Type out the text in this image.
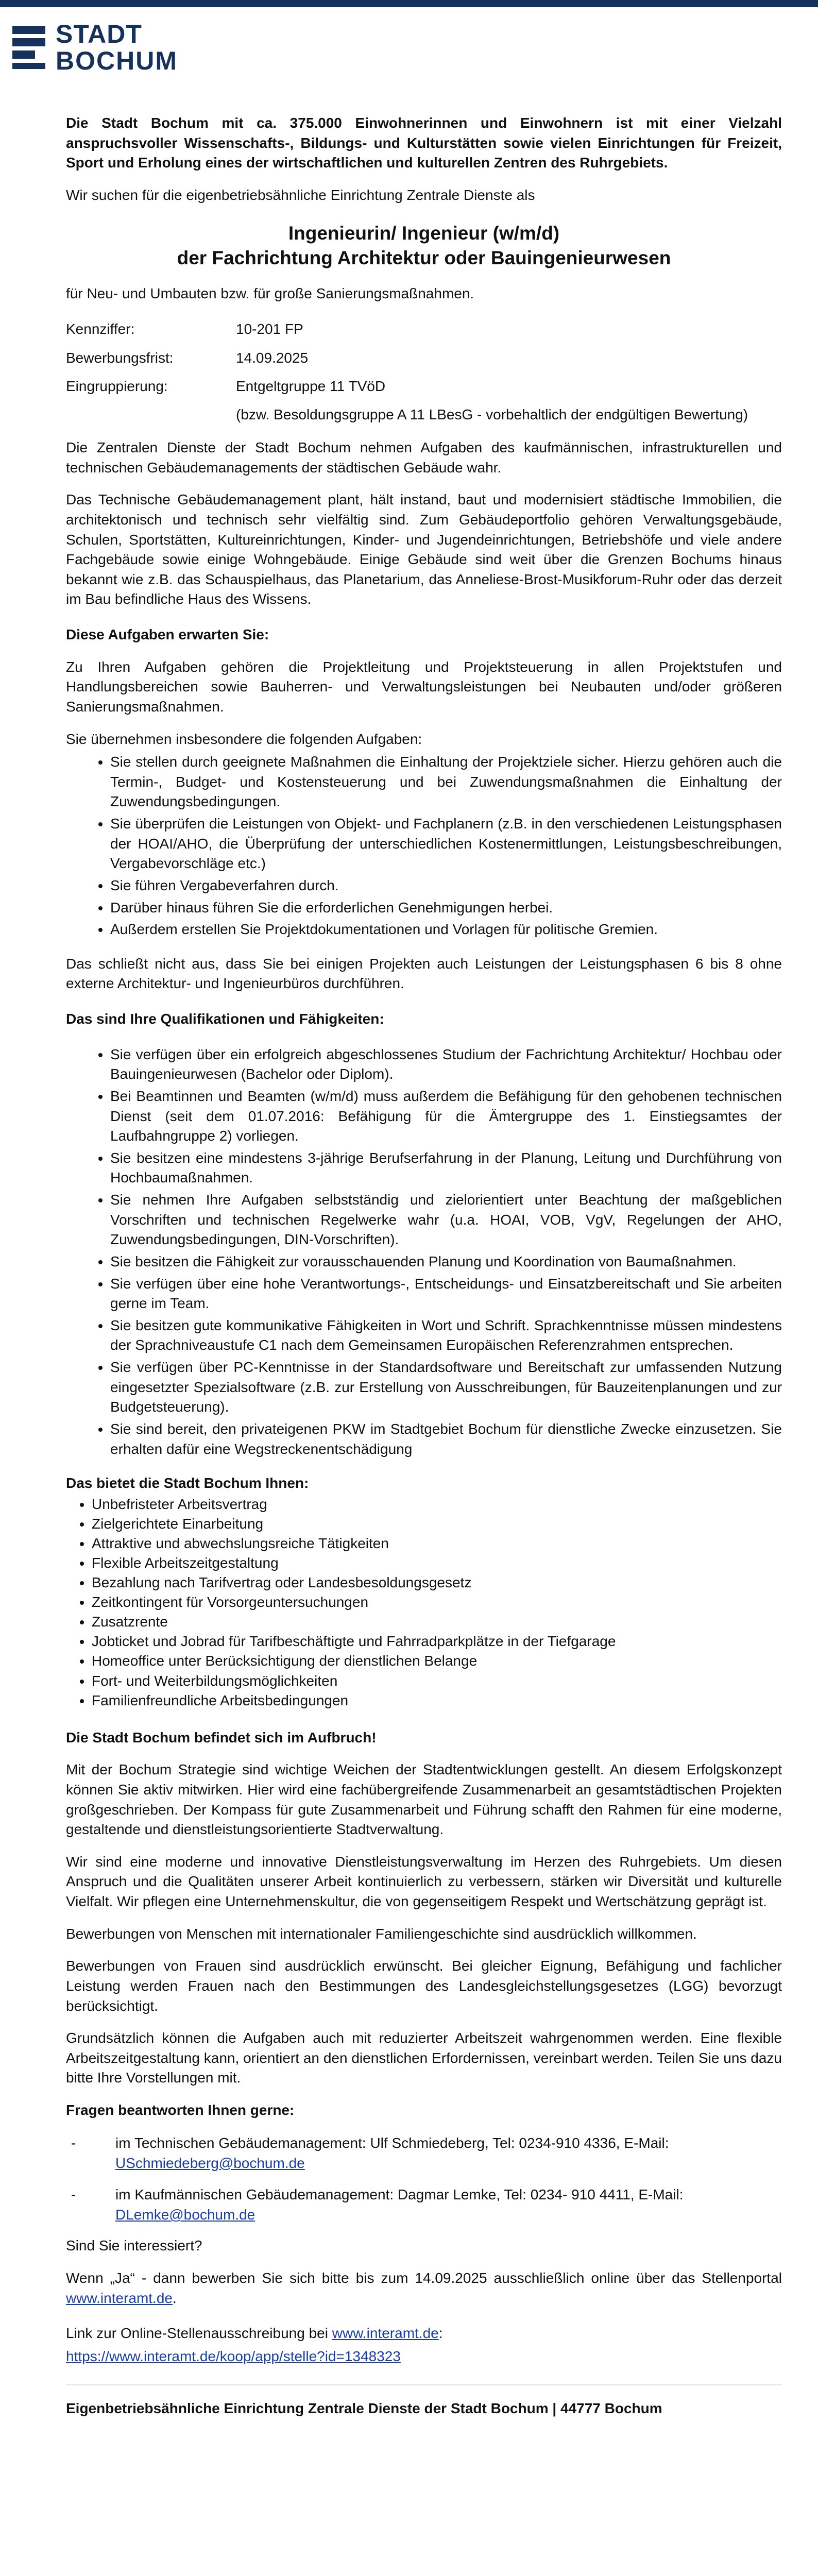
STADT
BOCHUM

Die Stadt Bochum mit ca. 375.000 Einwohnerinnen und Einwohnern ist mit einer Vielzahl anspruchsvoller Wissenschafts-, Bildungs- und Kulturstätten sowie vielen Einrichtungen für Freizeit, Sport und Erholung eines der wirtschaftlichen und kulturellen Zentren des Ruhrgebiets.

Wir suchen für die eigenbetriebsähnliche Einrichtung Zentrale Dienste als

Ingenieurin/ Ingenieur (w/m/d)
der Fachrichtung Architektur oder Bauingenieurwesen

für Neu- und Umbauten bzw. für große Sanierungsmaßnahmen.

Kennziffer:	10-201 FP
Bewerbungsfrist:	14.09.2025
Eingruppierung:	Entgeltgruppe 11 TVöD
(bzw. Besoldungsgruppe A 11 LBesG - vorbehaltlich der endgültigen Bewertung)

Die Zentralen Dienste der Stadt Bochum nehmen Aufgaben des kaufmännischen, infrastrukturellen und technischen Gebäudemanagements der städtischen Gebäude wahr.

Das Technische Gebäudemanagement plant, hält instand, baut und modernisiert städtische Immobilien, die architektonisch und technisch sehr vielfältig sind. Zum Gebäudeportfolio gehören Verwaltungsgebäude, Schulen, Sportstätten, Kultureinrichtungen, Kinder- und Jugendeinrichtungen, Betriebshöfe und viele andere Fachgebäude sowie einige Wohngebäude. Einige Gebäude sind weit über die Grenzen Bochums hinaus bekannt wie z.B. das Schauspielhaus, das Planetarium, das Anneliese-Brost-Musikforum-Ruhr oder das derzeit im Bau befindliche Haus des Wissens.

Diese Aufgaben erwarten Sie:

Zu Ihren Aufgaben gehören die Projektleitung und Projektsteuerung in allen Projektstufen und Handlungsbereichen sowie Bauherren- und Verwaltungsleistungen bei Neubauten und/oder größeren Sanierungsmaßnahmen.

Sie übernehmen insbesondere die folgenden Aufgaben:

• Sie stellen durch geeignete Maßnahmen die Einhaltung der Projektziele sicher. Hierzu gehören auch die Termin-, Budget- und Kostensteuerung und bei Zuwendungsmaßnahmen die Einhaltung der Zuwendungsbedingungen.
• Sie überprüfen die Leistungen von Objekt- und Fachplanern (z.B. in den verschiedenen Leistungsphasen der HOAI/AHO, die Überprüfung der unterschiedlichen Kostenermittlungen, Leistungsbeschreibungen, Vergabevorschläge etc.)
• Sie führen Vergabeverfahren durch.
• Darüber hinaus führen Sie die erforderlichen Genehmigungen herbei.
• Außerdem erstellen Sie Projektdokumentationen und Vorlagen für politische Gremien.

Das schließt nicht aus, dass Sie bei einigen Projekten auch Leistungen der Leistungsphasen 6 bis 8 ohne externe Architektur- und Ingenieurbüros durchführen.

Das sind Ihre Qualifikationen und Fähigkeiten:

• Sie verfügen über ein erfolgreich abgeschlossenes Studium der Fachrichtung Architektur/ Hochbau oder Bauingenieurwesen (Bachelor oder Diplom).
• Bei Beamtinnen und Beamten (w/m/d) muss außerdem die Befähigung für den gehobenen technischen Dienst (seit dem 01.07.2016: Befähigung für die Ämtergruppe des 1. Einstiegsamtes der Laufbahngruppe 2) vorliegen.
• Sie besitzen eine mindestens 3-jährige Berufserfahrung in der Planung, Leitung und Durchführung von Hochbaumaßnahmen.
• Sie nehmen Ihre Aufgaben selbstständig und zielorientiert unter Beachtung der maßgeblichen Vorschriften und technischen Regelwerke wahr (u.a. HOAI, VOB, VgV, Regelungen der AHO, Zuwendungsbedingungen, DIN-Vorschriften).
• Sie besitzen die Fähigkeit zur vorausschauenden Planung und Koordination von Baumaßnahmen.
• Sie verfügen über eine hohe Verantwortungs-, Entscheidungs- und Einsatzbereitschaft und Sie arbeiten gerne im Team.
• Sie besitzen gute kommunikative Fähigkeiten in Wort und Schrift. Sprachkenntnisse müssen mindestens der Sprachniveaustufe C1 nach dem Gemeinsamen Europäischen Referenzrahmen entsprechen.
• Sie verfügen über PC-Kenntnisse in der Standardsoftware und Bereitschaft zur umfassenden Nutzung eingesetzter Spezialsoftware (z.B. zur Erstellung von Ausschreibungen, für Bauzeitenplanungen und zur Budgetsteuerung).
• Sie sind bereit, den privateigenen PKW im Stadtgebiet Bochum für dienstliche Zwecke einzusetzen. Sie erhalten dafür eine Wegstreckenentschädigung

Das bietet die Stadt Bochum Ihnen:

• Unbefristeter Arbeitsvertrag
• Zielgerichtete Einarbeitung
• Attraktive und abwechslungsreiche Tätigkeiten
• Flexible Arbeitszeitgestaltung
• Bezahlung nach Tarifvertrag oder Landesbesoldungsgesetz
• Zeitkontingent für Vorsorgeuntersuchungen
• Zusatzrente
• Jobticket und Jobrad für Tarifbeschäftigte und Fahrradparkplätze in der Tiefgarage
• Homeoffice unter Berücksichtigung der dienstlichen Belange
• Fort- und Weiterbildungsmöglichkeiten
• Familienfreundliche Arbeitsbedingungen

Die Stadt Bochum befindet sich im Aufbruch!

Mit der Bochum Strategie sind wichtige Weichen der Stadtentwicklungen gestellt. An diesem Erfolgskonzept können Sie aktiv mitwirken. Hier wird eine fachübergreifende Zusammenarbeit an gesamtstädtischen Projekten großgeschrieben. Der Kompass für gute Zusammenarbeit und Führung schafft den Rahmen für eine moderne, gestaltende und dienstleistungsorientierte Stadtverwaltung.

Wir sind eine moderne und innovative Dienstleistungsverwaltung im Herzen des Ruhrgebiets. Um diesen Anspruch und die Qualitäten unserer Arbeit kontinuierlich zu verbessern, stärken wir Diversität und kulturelle Vielfalt. Wir pflegen eine Unternehmenskultur, die von gegenseitigem Respekt und Wertschätzung geprägt ist.

Bewerbungen von Menschen mit internationaler Familiengeschichte sind ausdrücklich willkommen.

Bewerbungen von Frauen sind ausdrücklich erwünscht. Bei gleicher Eignung, Befähigung und fachlicher Leistung werden Frauen nach den Bestimmungen des Landesgleichstellungsgesetzes (LGG) bevorzugt berücksichtigt.

Grundsätzlich können die Aufgaben auch mit reduzierter Arbeitszeit wahrgenommen werden. Eine flexible Arbeitszeitgestaltung kann, orientiert an den dienstlichen Erfordernissen, vereinbart werden. Teilen Sie uns dazu bitte Ihre Vorstellungen mit.

Fragen beantworten Ihnen gerne:

-	im Technischen Gebäudemanagement: Ulf Schmiedeberg, Tel: 0234-910 4336, E-Mail:
USchmiedeberg@bochum.de
-	im Kaufmännischen Gebäudemanagement: Dagmar Lemke, Tel: 0234- 910 4411, E-Mail:
DLemke@bochum.de

Sind Sie interessiert?

Wenn „Ja“ - dann bewerben Sie sich bitte bis zum 14.09.2025 ausschließlich online über das Stellenportal www.interamt.de.

Link zur Online-Stellenausschreibung bei www.interamt.de:

https://www.interamt.de/koop/app/stelle?id=1348323

Eigenbetriebsähnliche Einrichtung Zentrale Dienste der Stadt Bochum | 44777 Bochum
